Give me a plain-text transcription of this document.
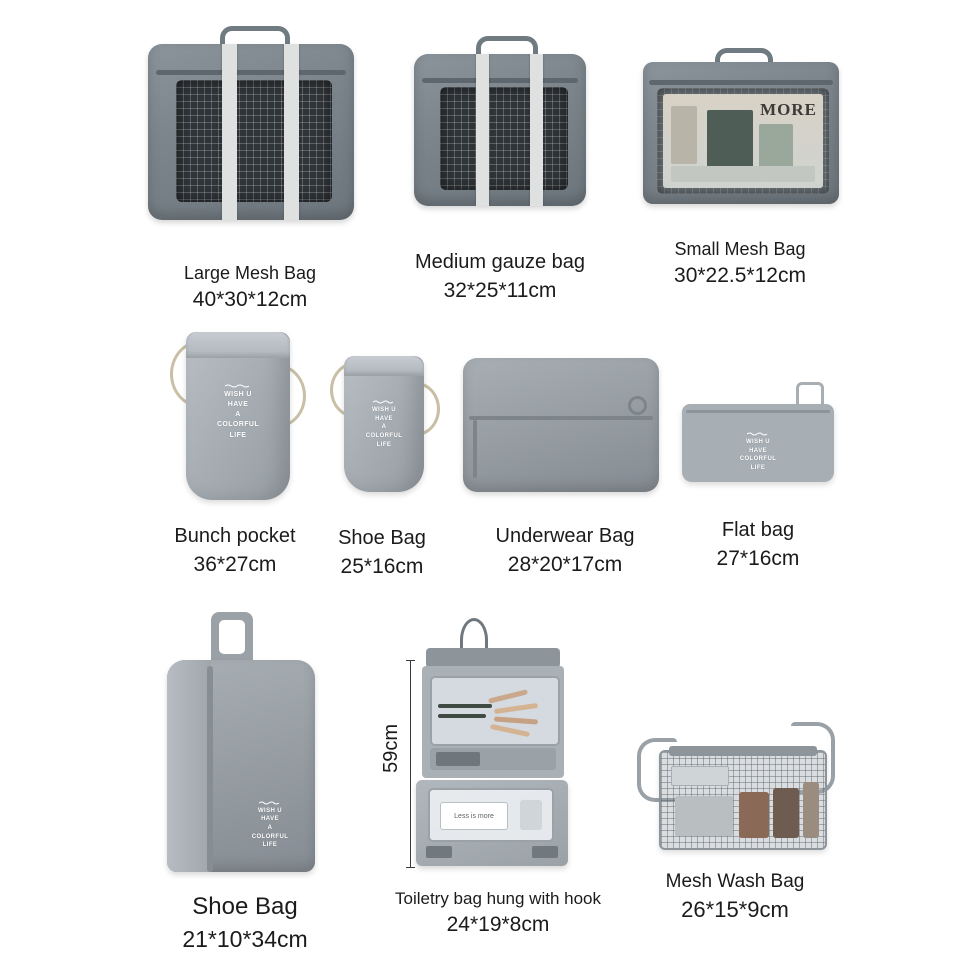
Large Mesh Bag
40*30*12cm
Medium gauze bag
32*25*11cm
MORE
Small Mesh Bag
30*22.5*12cm
WISH U
HAVE
A
COLORFUL
LIFE
Bunch pocket
36*27cm
WISH U
HAVE
A
COLORFUL
LIFE
Shoe Bag
25*16cm
Underwear Bag
28*20*17cm
WISH U
HAVE
COLORFUL
LIFE
Flat bag
27*16cm
WISH U
HAVE
A
COLORFUL
LIFE
Shoe Bag
21*10*34cm
Less is more
59cm
Toiletry bag hung with hook
24*19*8cm
Mesh Wash Bag
26*15*9cm
